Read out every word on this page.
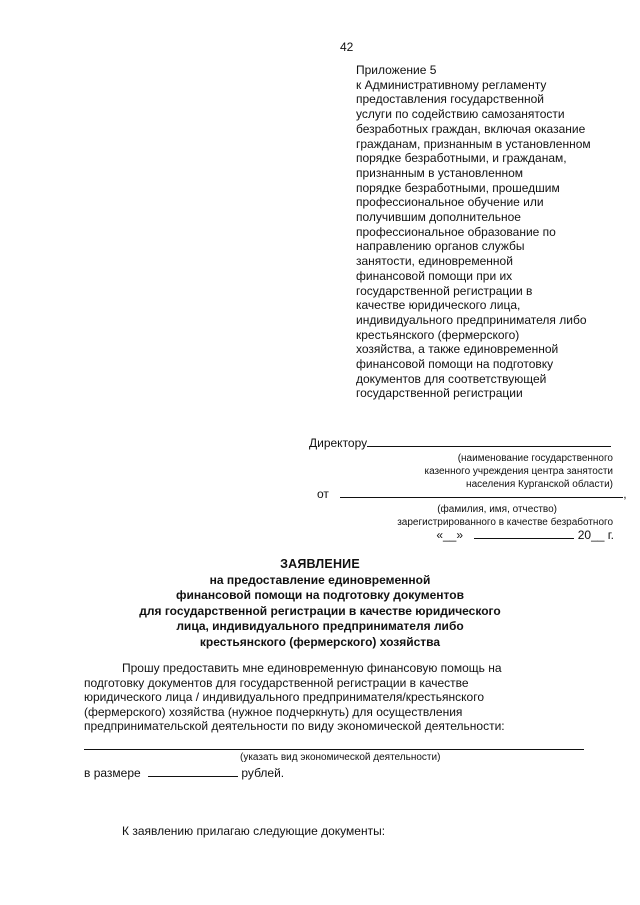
42
Приложение 5
к Административному регламенту
предоставления государственной
услуги по содействию самозанятости
безработных граждан, включая оказание
гражданам, признанным в установленном
порядке безработными, и гражданам,
признанным в установленном
порядке безработными, прошедшим
профессиональное обучение или
получившим дополнительное
профессиональное образование по
направлению органов службы
занятости, единовременной
финансовой помощи при их
государственной регистрации в
качестве юридического лица,
индивидуального предпринимателя либо
крестьянского (фермерского)
хозяйства, а также единовременной
финансовой помощи на подготовку
документов для соответствующей
государственной регистрации
Директору
(наименование государственного
казенного учреждения центра занятости
населения Курганской области)
от	,
(фамилия, имя, отчество)
зарегистрированного в качестве безработного
«__»	20__ г.
ЗАЯВЛЕНИЕ
на предоставление единовременной
финансовой помощи на подготовку документов
для государственной регистрации в качестве юридического
лица, индивидуального предпринимателя либо
крестьянского (фермерского) хозяйства
Прошу предоставить мне единовременную финансовую помощь на
подготовку документов для государственной регистрации в качестве
юридического лица / индивидуального предпринимателя/крестьянского
(фермерского) хозяйства (нужное подчеркнуть) для осуществления
предпринимательской деятельности по виду экономической деятельности:
(указать вид экономической деятельности)
в размере	рублей.
К заявлению прилагаю следующие документы:
